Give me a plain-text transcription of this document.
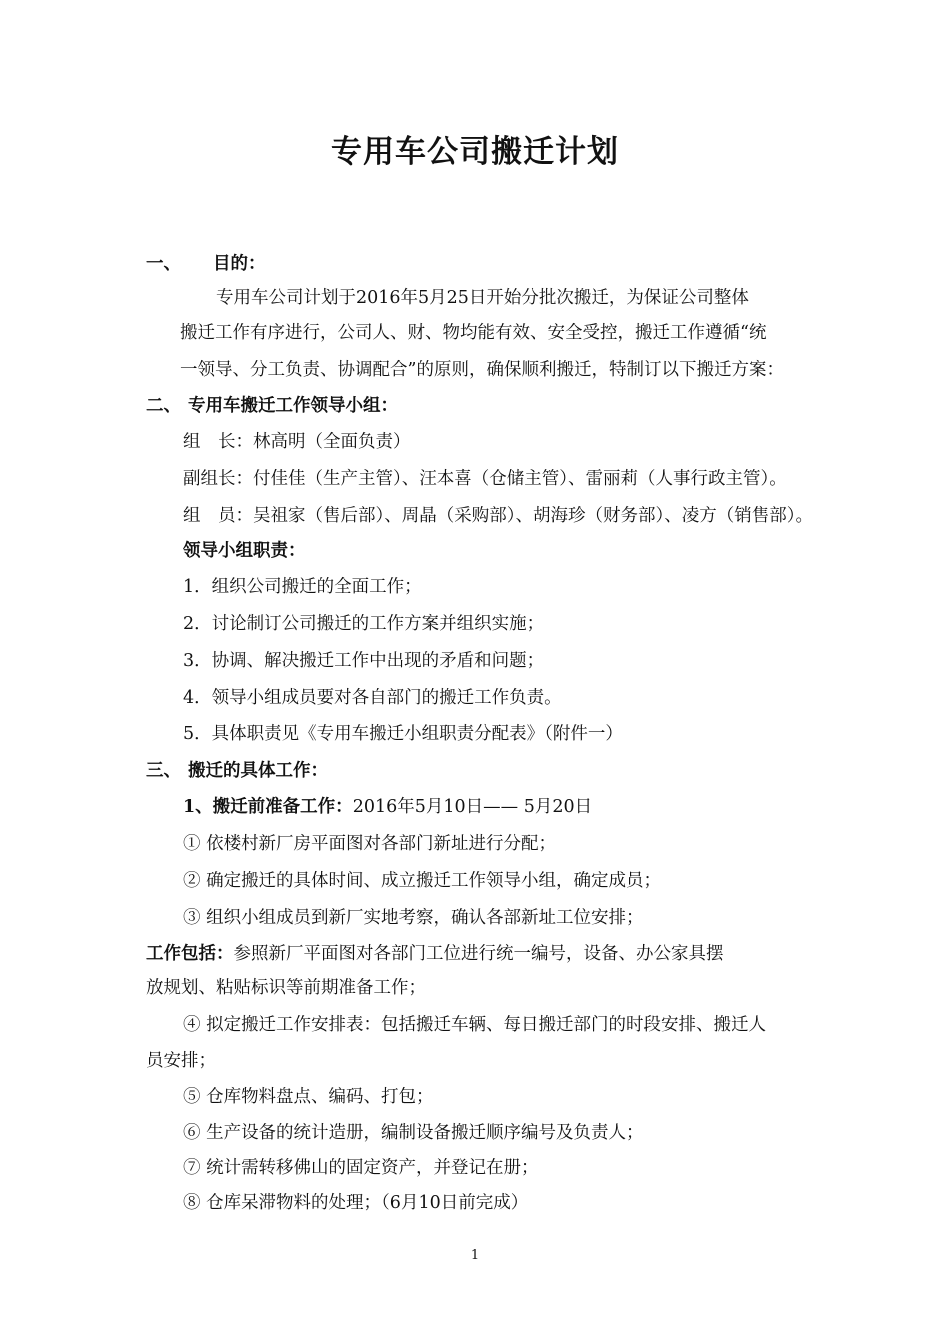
专用车公司搬迁计划
一、 目的：
专用车公司计划于2016年5月25日开始分批次搬迁，为保证公司整体
搬迁工作有序进行，公司人、财、物均能有效、安全受控，搬迁工作遵循“统
一领导、分工负责、协调配合”的原则，确保顺利搬迁，特制订以下搬迁方案：
二、 专用车搬迁工作领导小组：
组　长：林高明（全面负责）
副组长：付佳佳（生产主管）、汪本喜（仓储主管）、雷丽莉（人事行政主管）。
组　员：吴祖家（售后部）、周晶（采购部）、胡海珍（财务部）、凌方（销售部）。
领导小组职责：
1．组织公司搬迁的全面工作；
2．讨论制订公司搬迁的工作方案并组织实施；
3．协调、解决搬迁工作中出现的矛盾和问题；
4．领导小组成员要对各自部门的搬迁工作负责。
5．具体职责见《专用车搬迁小组职责分配表》（附件一）
三、 搬迁的具体工作：
1、搬迁前准备工作：2016年5月10日—— 5月20日
① 依楼村新厂房平面图对各部门新址进行分配；
② 确定搬迁的具体时间、成立搬迁工作领导小组，确定成员；
③ 组织小组成员到新厂实地考察，确认各部新址工位安排；
工作包括：参照新厂平面图对各部门工位进行统一编号，设备、办公家具摆
放规划、粘贴标识等前期准备工作；
④ 拟定搬迁工作安排表：包括搬迁车辆、每日搬迁部门的时段安排、搬迁人
员安排；
⑤ 仓库物料盘点、编码、打包；
⑥ 生产设备的统计造册，编制设备搬迁顺序编号及负责人；
⑦ 统计需转移佛山的固定资产，并登记在册；
⑧ 仓库呆滞物料的处理；（6月10日前完成）
1
